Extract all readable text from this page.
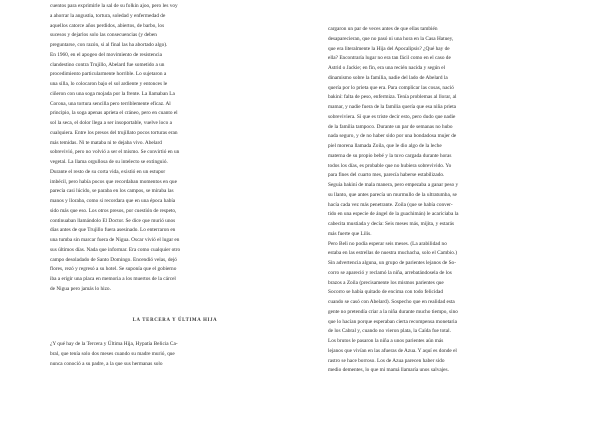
cuentos para exprimirle la sal de su folkin ajoo, pero les voy
a ahorrar la angustia, tortura, soledad y enfermedad de
aquellos catorce años perdidos, abiertos, de barbo, los
sucesos y dejarlos solo las consecuencias (y deben
preguntarse, con razón, si al final las ha abortado algo).
En 1960, en el apogeo del movimiento de resistencia
clandestino contra Trujillo, Abelard fue sometido a un
procedimiento particularmente horrible. Lo sujetaron a
una silla, lo colocaron bajo el sol ardiente y entonces le
ciñeron con una soga mojada por la frente. La llamaban La
Corona, una tortura sencilla pero terriblemente eficaz. Al
principio, la soga apenas aprieta el cráneo, pero en cuanto el
sol la seca, el dolor llega a ser insoportable, vuelve loco a
cualquiera. Entre los presos del trujillato pocos torturas eran
más temidas. Ni te mataba ni te dejaba vivo. Abelard
sobrevivió, pero no volvió a ser el mismo. Se convirtió en un
vegetal. La llama orgullosa de su intelecto se extinguió.
Durante el resto de su corta vida, existió en un estupor
imbécil, pero había pocos que recordaban momentos en que
parecía casi lúcido, se paraba en los campos, se miraba las
manos y lloraba, como si recordara que en una época había
sido más que eso. Los otros presos, por cuestión de respeto,
continuaban llamándolo El Doctor. Se dice que murió unos
días antes de que Trujillo fuera asesinado. Lo enterraron en
una tumba sin marcar fuera de Nigua. Oscar vivió el lugar en
sus últimos días. Nada que informar. Era como cualquier otro
campo desoladado de Santo Domingo. Encendió velas, dejó
flores, rezó y regresó a su hotel. Se suponía que el gobierno
iba a erigir una placa en memoria a los muertos de la cárcel
de Nigua pero jamás lo hizo.
LA TERCERA Y ÚLTIMA HIJA
¿Y qué hay de la Tercera y Última Hija, Hypatía Belicia Ca-
bral, que tenía solo dos meses cuando su madre murió, que
nunca conoció a su padre, a la que sus hermanas solo
cargaron un par de veces antes de que ellas también
desaparecieran, que no pasó ni una hora en la Casa Hatuey,
que era literalmente la Hija del Apocalipsis? ¿Qué hay de
ella? Encontraría lugar no era tan fácil como en el caso de
Astrid o Jackie; en fin, era una recién nacida y según el
dinamismo sobre la familia, nadie del lado de Abelard la
quería por lo prieta que era. Para complicar las cosas, nació
bakiní: falta de peso, enfermiza. Tenía problemas al llorar, al
mamar, y nadie fuera de la familia quería que esa niña prieta
sobreviviera. Sí que es triste decir esto, pero dudo que nadie
de la familia tampoco. Durante un par de semanas no hubo
nada seguro, y de no haber sido por una bondadosa mujer de
piel morena llamada Zoila, que le dio algo de la leche
materna de su propio bebé y la tuvo cargada durante horas
todos los días, es probable que no hubiera sobrevivido. Yo
para fines del cuarto mes, parecía haberse estabilizado.
Seguía bakiní de mala manera, pero empezaba a ganar peso y
su llanto, que antes parecía un murmullo de la ultratumba, se
hacía cada vez más penetrante. Zoila (que se había conver-
tido en una especie de ángel de la guachimán) le acariciaba la
cabecita mustiada y decía: Seis meses más, mijita, y estarás
más fuerte que Lilis.
Pero Beli no podía esperar seis meses. (La arabilidad no
estaba en las estrellas de nuestra muchacha, solo el Cambio.)
Sin advertencia alguna, un grupo de parientes lejanos de So-
corro se apareció y reclamó la niña, arrebatándosela de los
brazos a Zoila (precisamente los mismos parientes que
Socorro se había quitado de encima con todo felicidad
cuando se casó con Abelard). Sospecho que en realidad esta
gente no pretendía criar a la niña durante mucho tiempo, sino
que lo hacían porque esperaban cierta recompensa monetaria
de los Cabral y, cuando no vieron plata, la Caída fue total.
Los brutos le pasaron la niña a unos parientes aún más
lejanos que vivían en las afueras de Azua. Y aquí es donde el
rastro se hace borroso. Los de Azua parecen haber sido
medio dementes, lo que mi mamá llamaría unos salvajes.
